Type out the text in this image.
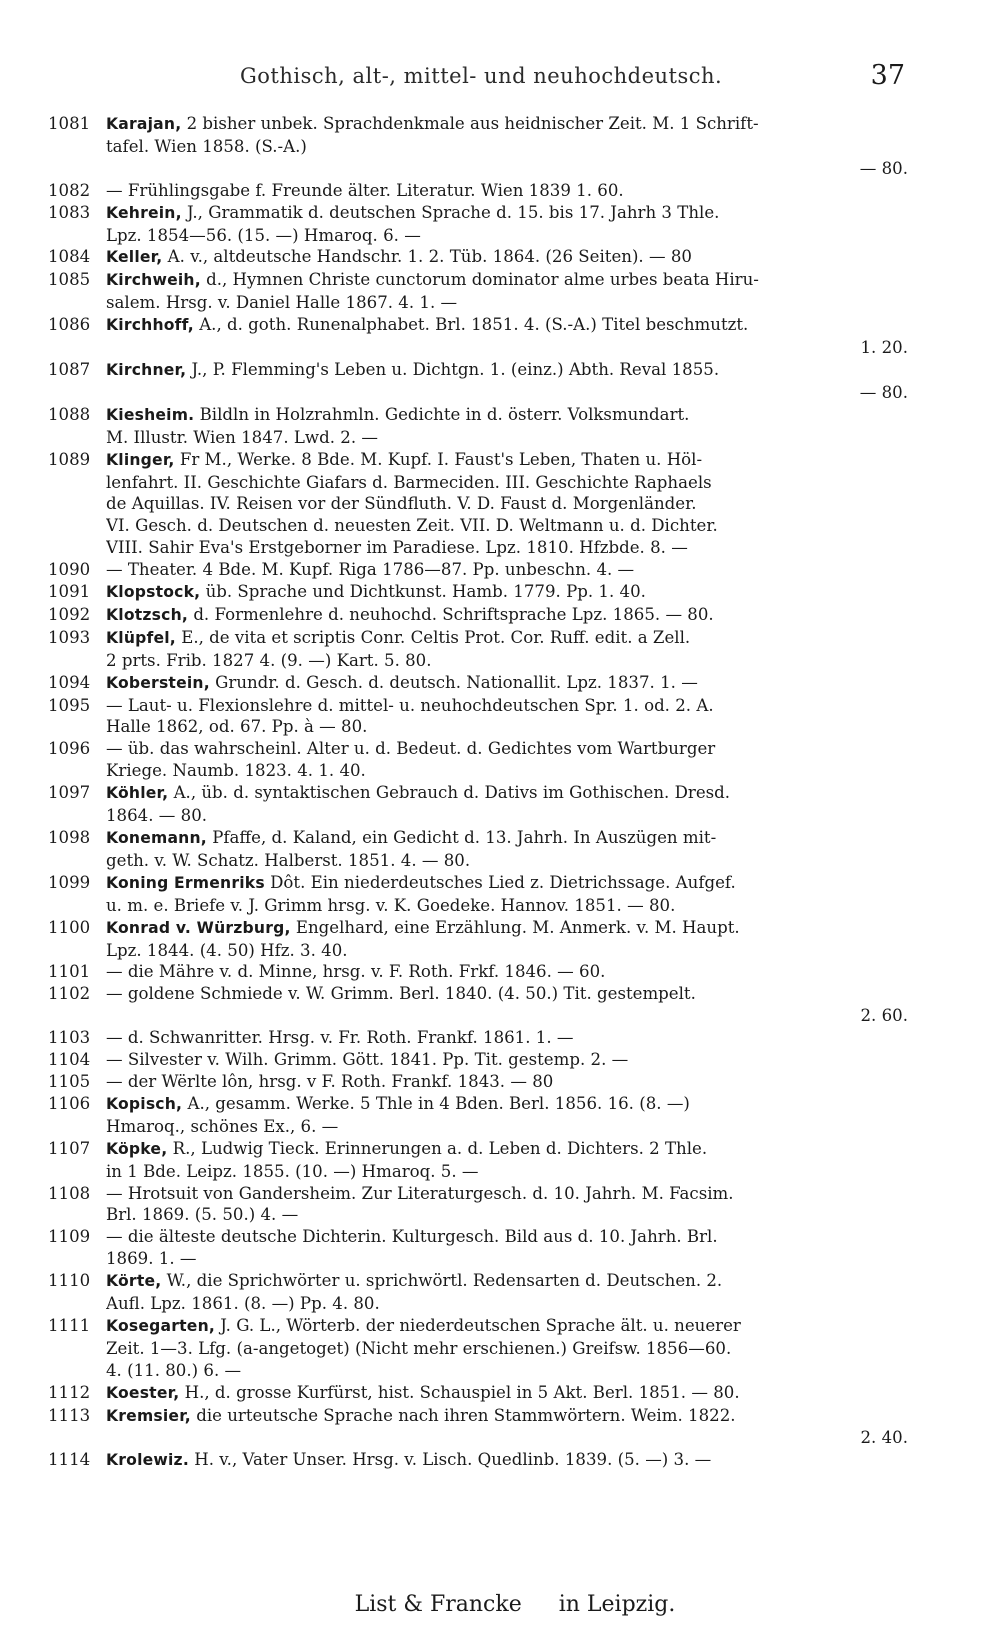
Gothisch, alt-, mittel- und neuhochdeutsch.	37
1081	Karajan, 2 bisher unbek. Sprachdenkmale aus heidnischer Zeit. M. 1 Schrift-
tafel. Wien 1858. (S.-A.)
— 80.
1082 — Frühlingsgabe f. Freunde älter. Literatur. Wien 1839 1. 60.
1083	Kehrein, J., Grammatik d. deutschen Sprache d. 15. bis 17. Jahrh 3 Thle.
Lpz. 1854—56. (15. —) Hmaroq. 6. —
1084	Keller, A. v., altdeutsche Handschr. 1. 2. Tüb. 1864. (26 Seiten). — 80
1085	Kirchweih, d., Hymnen Christe cunctorum dominator alme urbes beata Hiru-
salem. Hrsg. v. Daniel Halle 1867. 4. 1. —
1086	Kirchhoff, A., d. goth. Runenalphabet. Brl. 1851. 4. (S.-A.) Titel beschmutzt.
1. 20.
1087	Kirchner, J., P. Flemming's Leben u. Dichtgn. 1. (einz.) Abth. Reval 1855.
— 80.
1088	Kiesheim. Bildln in Holzrahmln. Gedichte in d. österr. Volksmundart.
M. Illustr. Wien 1847. Lwd. 2. —
1089	Klinger, Fr M., Werke. 8 Bde. M. Kupf. I. Faust's Leben, Thaten u. Höl-
lenfahrt. II. Geschichte Giafars d. Barmeciden. III. Geschichte Raphaels
de Aquillas. IV. Reisen vor der Sündfluth. V. D. Faust d. Morgenländer.
VI. Gesch. d. Deutschen d. neuesten Zeit. VII. D. Weltmann u. d. Dichter.
VIII. Sahir Eva's Erstgeborner im Paradiese. Lpz. 1810. Hfzbde. 8. —
1090 — Theater. 4 Bde. M. Kupf. Riga 1786—87. Pp. unbeschn. 4. —
1091	Klopstock, üb. Sprache und Dichtkunst. Hamb. 1779. Pp. 1. 40.
1092	Klotzsch, d. Formenlehre d. neuhochd. Schriftsprache Lpz. 1865. — 80.
1093	Klüpfel, E., de vita et scriptis Conr. Celtis Prot. Cor. Ruff. edit. a Zell.
2 prts. Frib. 1827 4. (9. —) Kart. 5. 80.
1094	Koberstein, Grundr. d. Gesch. d. deutsch. Nationallit. Lpz. 1837. 1. —
1095 — Laut- u. Flexionslehre d. mittel- u. neuhochdeutschen Spr. 1. od. 2. A.
Halle 1862, od. 67. Pp. à — 80.
1096 — üb. das wahrscheinl. Alter u. d. Bedeut. d. Gedichtes vom Wartburger
Kriege. Naumb. 1823. 4. 1. 40.
1097	Köhler, A., üb. d. syntaktischen Gebrauch d. Dativs im Gothischen. Dresd.
1864. — 80.
1098	Konemann, Pfaffe, d. Kaland, ein Gedicht d. 13. Jahrh. In Auszügen mit-
geth. v. W. Schatz. Halberst. 1851. 4. — 80.
1099	Koning Ermenriks Dôt. Ein niederdeutsches Lied z. Dietrichssage. Aufgef.
u. m. e. Briefe v. J. Grimm hrsg. v. K. Goedeke. Hannov. 1851. — 80.
1100	Konrad v. Würzburg, Engelhard, eine Erzählung. M. Anmerk. v. M. Haupt.
Lpz. 1844. (4. 50) Hfz. 3. 40.
1101 — die Mähre v. d. Minne, hrsg. v. F. Roth. Frkf. 1846. — 60.
1102 — goldene Schmiede v. W. Grimm. Berl. 1840. (4. 50.) Tit. gestempelt.
2. 60.
1103 — d. Schwanritter. Hrsg. v. Fr. Roth. Frankf. 1861. 1. —
1104 — Silvester v. Wilh. Grimm. Gött. 1841. Pp. Tit. gestemp. 2. —
1105 — der Wërlte lôn, hrsg. v F. Roth. Frankf. 1843. — 80
1106	Kopisch, A., gesamm. Werke. 5 Thle in 4 Bden. Berl. 1856. 16. (8. —)
Hmaroq., schönes Ex., 6. —
1107	Köpke, R., Ludwig Tieck. Erinnerungen a. d. Leben d. Dichters. 2 Thle.
in 1 Bde. Leipz. 1855. (10. —) Hmaroq. 5. —
1108 — Hrotsuit von Gandersheim. Zur Literaturgesch. d. 10. Jahrh. M. Facsim.
Brl. 1869. (5. 50.) 4. —
1109 — die älteste deutsche Dichterin. Kulturgesch. Bild aus d. 10. Jahrh. Brl.
1869. 1. —
1110	Körte, W., die Sprichwörter u. sprichwörtl. Redensarten d. Deutschen. 2.
Aufl. Lpz. 1861. (8. —) Pp. 4. 80.
1111	Kosegarten, J. G. L., Wörterb. der niederdeutschen Sprache ält. u. neuerer
Zeit. 1—3. Lfg. (a-angetoget) (Nicht mehr erschienen.) Greifsw. 1856—60.
4. (11. 80.) 6. —
1112	Koester, H., d. grosse Kurfürst, hist. Schauspiel in 5 Akt. Berl. 1851. — 80.
1113	Kremsier, die urteutsche Sprache nach ihren Stammwörtern. Weim. 1822.
2. 40.
1114	Krolewiz. H. v., Vater Unser. Hrsg. v. Lisch. Quedlinb. 1839. (5. —) 3. —
List & Francke in Leipzig.
